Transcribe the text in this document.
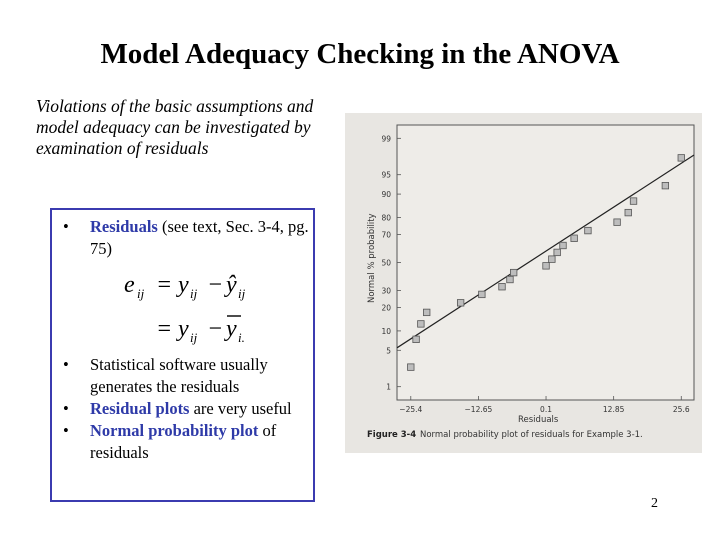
Model Adequacy Checking in the ANOVA
Violations of the basic assumptions and model adequacy can be investigated by examination of residuals
• Residuals (see text, Sec. 3-4, pg. 75)
e ij = y ij − ŷ ij
= y ij − y i.
• Statistical software usually generates the residuals
• Residual plots are very useful
• Normal probability plot of residuals
1
5
10
20
30
50
70
80
90
95
99
−25.4	−12.65	0.1	12.85	25.6
Normal % probability
Residuals
Figure 3-4 Normal probability plot of residuals for Example 3-1.
2
